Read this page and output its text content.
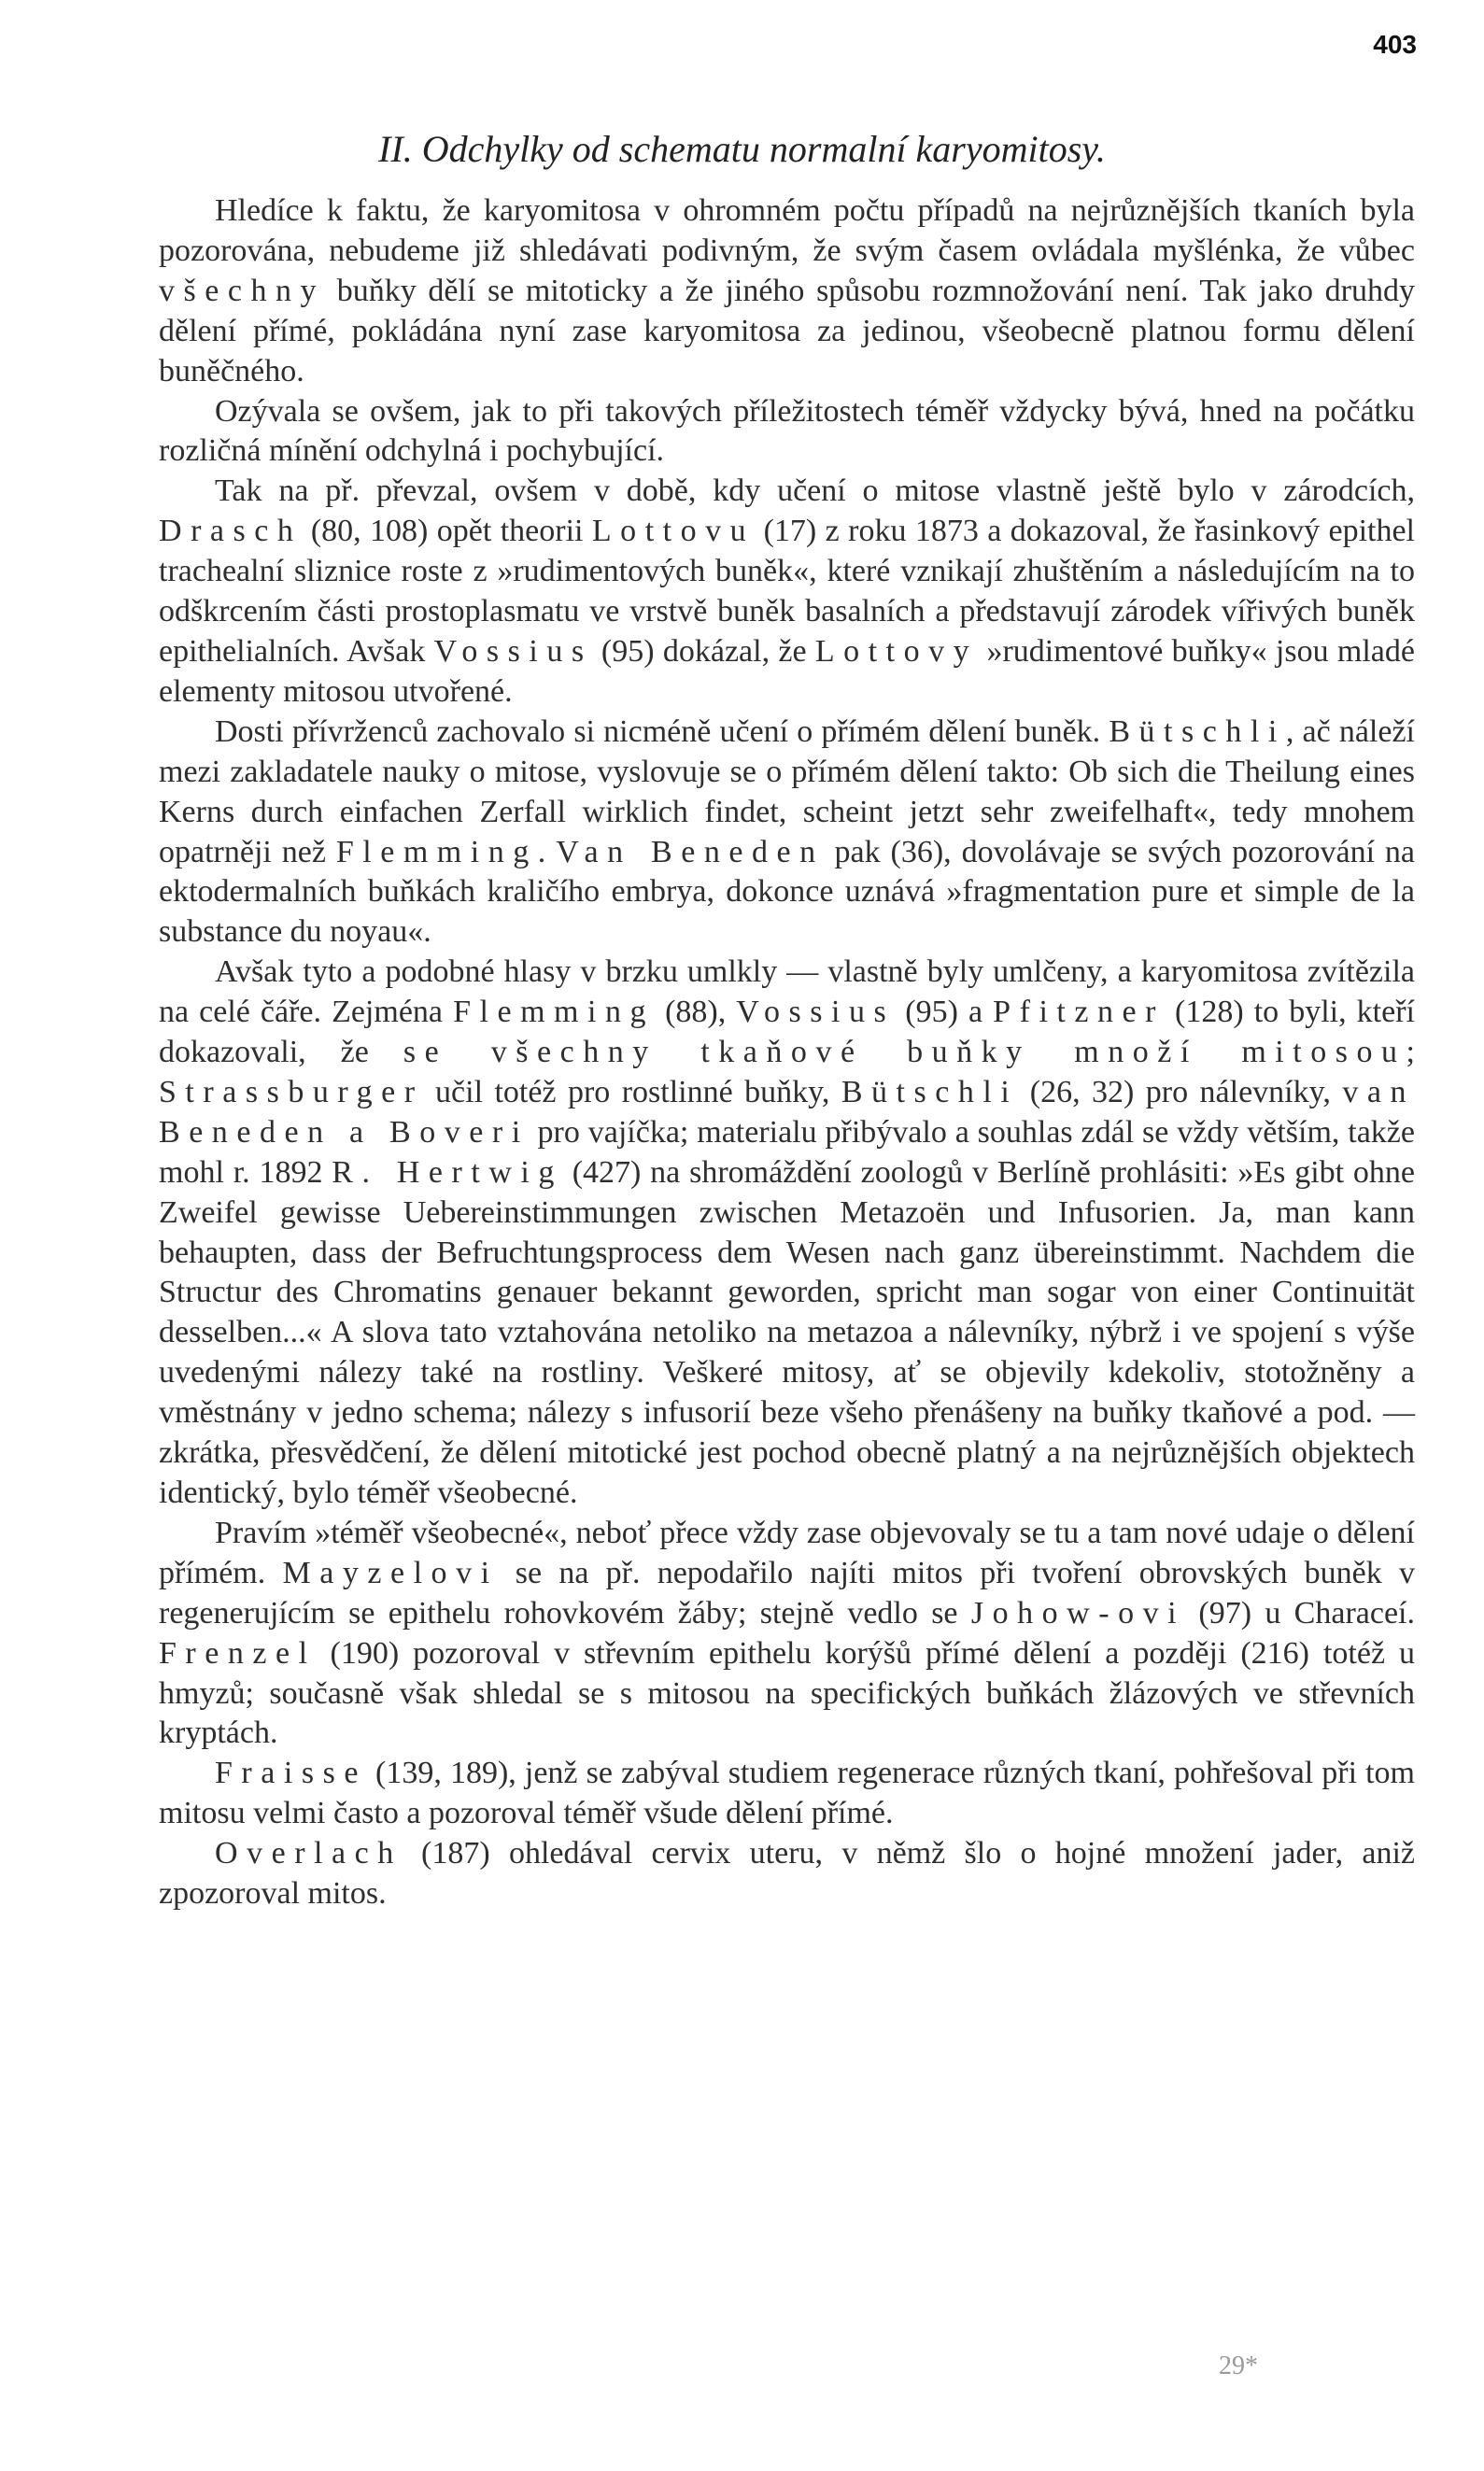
403
II. Odchylky od schematu normalní karyomitosy.

Hledíce k faktu, že karyomitosa v ohromném počtu případů na nejrůznějších tkaních byla pozorována, nebudeme již shledávati podivným, že svým časem ovládala myšlénka, že vůbec všechny buňky dělí se mitoticky a že jiného spůsobu rozmnožování není. Tak jako druhdy dělení přímé, pokládána nyní zase karyomitosa za jedinou, všeobecně platnou formu dělení buněčného.

Ozývala se ovšem, jak to při takových příležitostech téměř vždycky bývá, hned na počátku rozličná mínění odchylná i pochybující.

Tak na př. převzal, ovšem v době, kdy učení o mitose vlastně ještě bylo v zárodcích, Drasch (80, 108) opět theorii Lottovu (17) z roku 1873 a dokazoval, že řasinkový epithel trachealní sliznice roste z »rudimentových buněk«, které vznikají zhuštěním a následujícím na to odškrcením části prostoplasmatu ve vrstvě buněk basalních a představují zárodek vířivých buněk epithelialních. Avšak Vossius (95) dokázal, že Lottovy »rudimentové buňky« jsou mladé elementy mitosou utvořené.

Dosti přívrženců zachovalo si nicméně učení o přímém dělení buněk. Bütschli, ač náleží mezi zakladatele nauky o mitose, vyslovuje se o přímém dělení takto: Ob sich die Theilung eines Kerns durch einfachen Zerfall wirklich findet, scheint jetzt sehr zweifelhaft«, tedy mnohem opatrněji než Flemming. Van Beneden pak (36), dovolávaje se svých pozorování na ektodermalních buňkách kraličího embrya, dokonce uznává »fragmentation pure et simple de la substance du noyau«.

Avšak tyto a podobné hlasy v brzku umlkly — vlastně byly umlčeny, a karyomitosa zvítězila na celé čáře. Zejména Flemming (88), Vossius (95) a Pfitzner (128) to byli, kteří dokazovali, že se všechny tkaňové buňky množí mitosou; Strassburger učil totéž pro rostlinné buňky, Bütschli (26, 32) pro nálevníky, van Beneden a Boveri pro vajíčka; materialu přibývalo a souhlas zdál se vždy větším, takže mohl r. 1892 R. Hertwig (427) na shromáždění zoologů v Berlíně prohlásiti: »Es gibt ohne Zweifel gewisse Uebereinstimmungen zwischen Metazoën und Infusorien. Ja, man kann behaupten, dass der Befruchtungsprocess dem Wesen nach ganz übereinstimmt. Nachdem die Structur des Chromatins genauer bekannt geworden, spricht man sogar von einer Continuität desselben...« A slova tato vztahována netoliko na metazoa a nálevníky, nýbrž i ve spojení s výše uvedenými nálezy také na rostliny. Veškeré mitosy, ať se objevily kdekoliv, stotožněny a vměstnány v jedno schema; nálezy s infusorií beze všeho přenášeny na buňky tkaňové a pod. — zkrátka, přesvědčení, že dělení mitotické jest pochod obecně platný a na nejrůznějších objektech identický, bylo téměř všeobecné.

Pravím »téměř všeobecné«, neboť přece vždy zase objevovaly se tu a tam nové udaje o dělení přímém. Mayzelovi se na př. nepodařilo najíti mitos při tvoření obrovských buněk v regenerujícím se epithelu rohovkovém žáby; stejně vedlo se Johow-ovi (97) u Characeí. Frenzel (190) pozoroval v střevním epithelu korýšů přímé dělení a později (216) totéž u hmyzů; současně však shledal se s mitosou na specifických buňkách žlázových ve střevních kryptách.

Fraisse (139, 189), jenž se zabýval studiem regenerace různých tkaní, pohřešoval při tom mitosu velmi často a pozoroval téměř všude dělení přímé.

Overlach (187) ohledával cervix uteru, v němž šlo o hojné množení jader, aniž zpozoroval mitos.

29*
